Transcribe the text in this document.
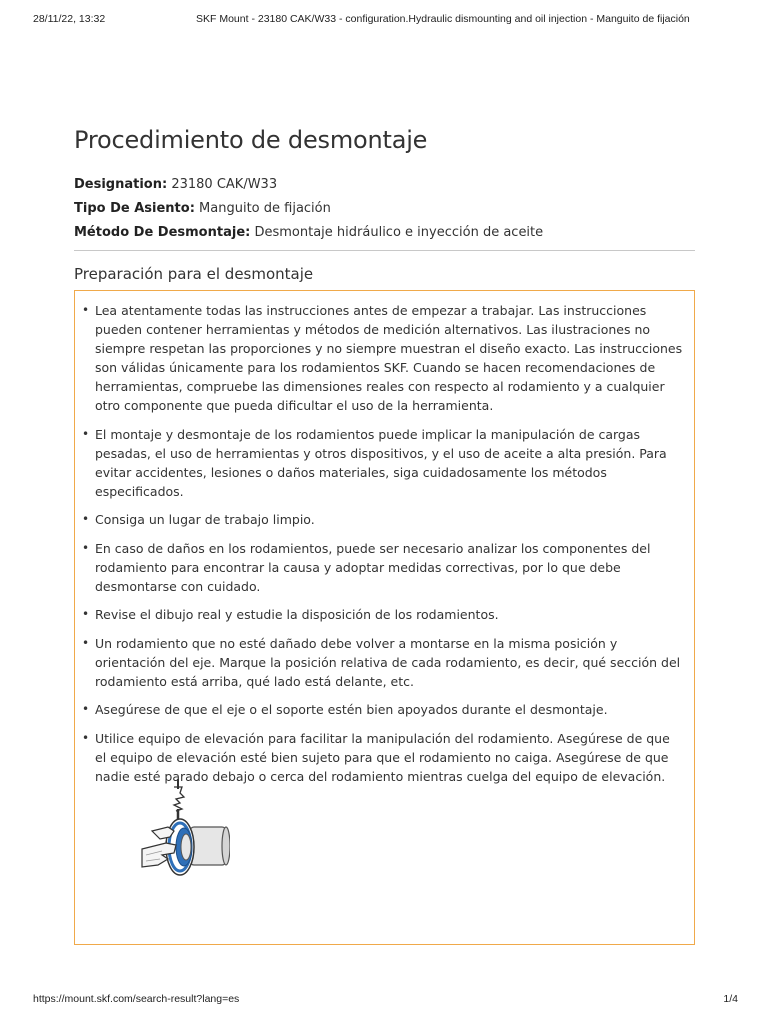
28/11/22, 13:32	SKF Mount - 23180 CAK/W33 - configuration.Hydraulic dismounting and oil injection - Manguito de fijación
Procedimiento de desmontaje
Designation: 23180 CAK/W33
Tipo De Asiento: Manguito de fijación
Método De Desmontaje: Desmontaje hidráulico e inyección de aceite
Preparación para el desmontaje
• Lea atentamente todas las instrucciones antes de empezar a trabajar. Las instrucciones pueden contener herramientas y métodos de medición alternativos. Las ilustraciones no siempre respetan las proporciones y no siempre muestran el diseño exacto. Las instrucciones son válidas únicamente para los rodamientos SKF. Cuando se hacen recomendaciones de herramientas, compruebe las dimensiones reales con respecto al rodamiento y a cualquier otro componente que pueda dificultar el uso de la herramienta.
• El montaje y desmontaje de los rodamientos puede implicar la manipulación de cargas pesadas, el uso de herramientas y otros dispositivos, y el uso de aceite a alta presión. Para evitar accidentes, lesiones o daños materiales, siga cuidadosamente los métodos especificados.
• Consiga un lugar de trabajo limpio.
• En caso de daños en los rodamientos, puede ser necesario analizar los componentes del rodamiento para encontrar la causa y adoptar medidas correctivas, por lo que debe desmontarse con cuidado.
• Revise el dibujo real y estudie la disposición de los rodamientos.
• Un rodamiento que no esté dañado debe volver a montarse en la misma posición y orientación del eje. Marque la posición relativa de cada rodamiento, es decir, qué sección del rodamiento está arriba, qué lado está delante, etc.
• Asegúrese de que el eje o el soporte estén bien apoyados durante el desmontaje.
• Utilice equipo de elevación para facilitar la manipulación del rodamiento. Asegúrese de que el equipo de elevación esté bien sujeto para que el rodamiento no caiga. Asegúrese de que nadie esté parado debajo o cerca del rodamiento mientras cuelga del equipo de elevación.
https://mount.skf.com/search-result?lang=es	1/4
